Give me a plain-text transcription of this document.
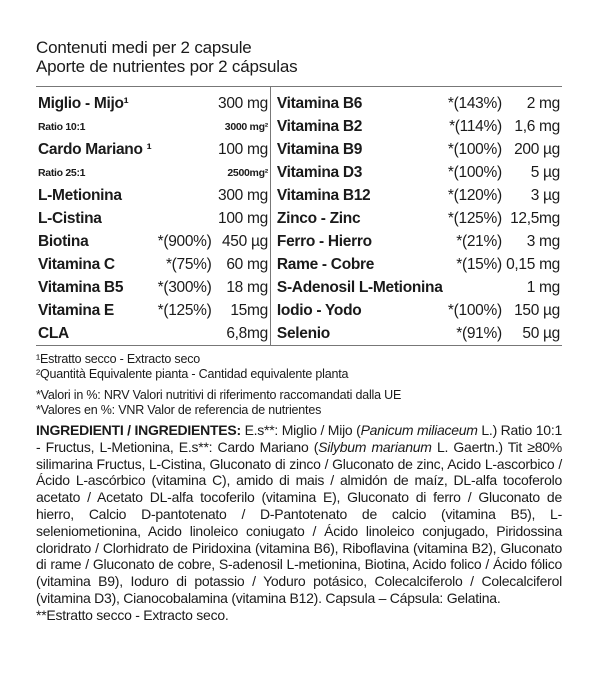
Contenuti medi per 2 capsule
Aporte de nutrientes por 2 cápsulas
Miglio - Mijo¹		300 mg	Vitamina B6	*(143%)	2 mg
Ratio 10:1		3000 mg²	Vitamina B2	*(114%)	1,6 mg
Cardo Mariano ¹		100 mg	Vitamina B9	*(100%)	200 µg
Ratio 25:1		2500mg²	Vitamina D3	*(100%)	5 µg
L-Metionina		300 mg	Vitamina B12	*(120%)	3 µg
L-Cistina		100 mg	Zinco - Zinc	*(125%)	12,5mg
Biotina	*(900%)	450 µg	Ferro - Hierro	*(21%)	3 mg
Vitamina C	*(75%)	60 mg	Rame - Cobre	*(15%)	0,15 mg
Vitamina B5	*(300%)	18 mg	S-Adenosil L-Metionina		1 mg
Vitamina E	*(125%)	15mg	Iodio - Yodo	*(100%)	150 µg
CLA		6,8mg	Selenio	*(91%)	50 µg

¹Estratto secco - Extracto seco

²Quantità Equivalente pianta - Cantidad equivalente planta

*Valori in %: NRV Valori nutritivi di riferimento raccomandati dalla UE

*Valores en %: VNR Valor de referencia de nutrientes

INGREDIENTI / INGREDIENTES: E.s**: Miglio / Mijo (Panicum miliaceum L.) Ratio 10:1 - Fructus, L-Metionina, E.s**: Cardo Mariano (Silybum marianum L. Gaertn.) Tit ≥80% silimarina Fructus, L-Cistina, Gluconato di zinco / Gluconato de zinc, Acido L-ascorbico / Ácido L-ascórbico (vitamina C), amido di mais / almidón de maíz, DL-alfa tocoferolo acetato / Acetato DL-alfa tocoferilo (vitamina E), Gluconato di ferro / Gluconato de hierro, Calcio D-pantotenato / D-Pantotenato de calcio (vitamina B5), L-seleniometionina, Acido linoleico coniugato / Ácido linoleico conjugado, Piridossina cloridrato / Clorhidrato de Piridoxina (vitamina B6), Riboflavina (vitamina B2), Gluconato di rame / Gluconato de cobre, S-adenosil L-metionina, Biotina, Acido folico / Ácido fólico (vitamina B9), Ioduro di potassio / Yoduro potásico, Colecalciferolo / Colecalciferol (vitamina D3), Cianocobalamina (vitamina B12). Capsula – Cápsula: Gelatina.
**Estratto secco - Extracto seco.
